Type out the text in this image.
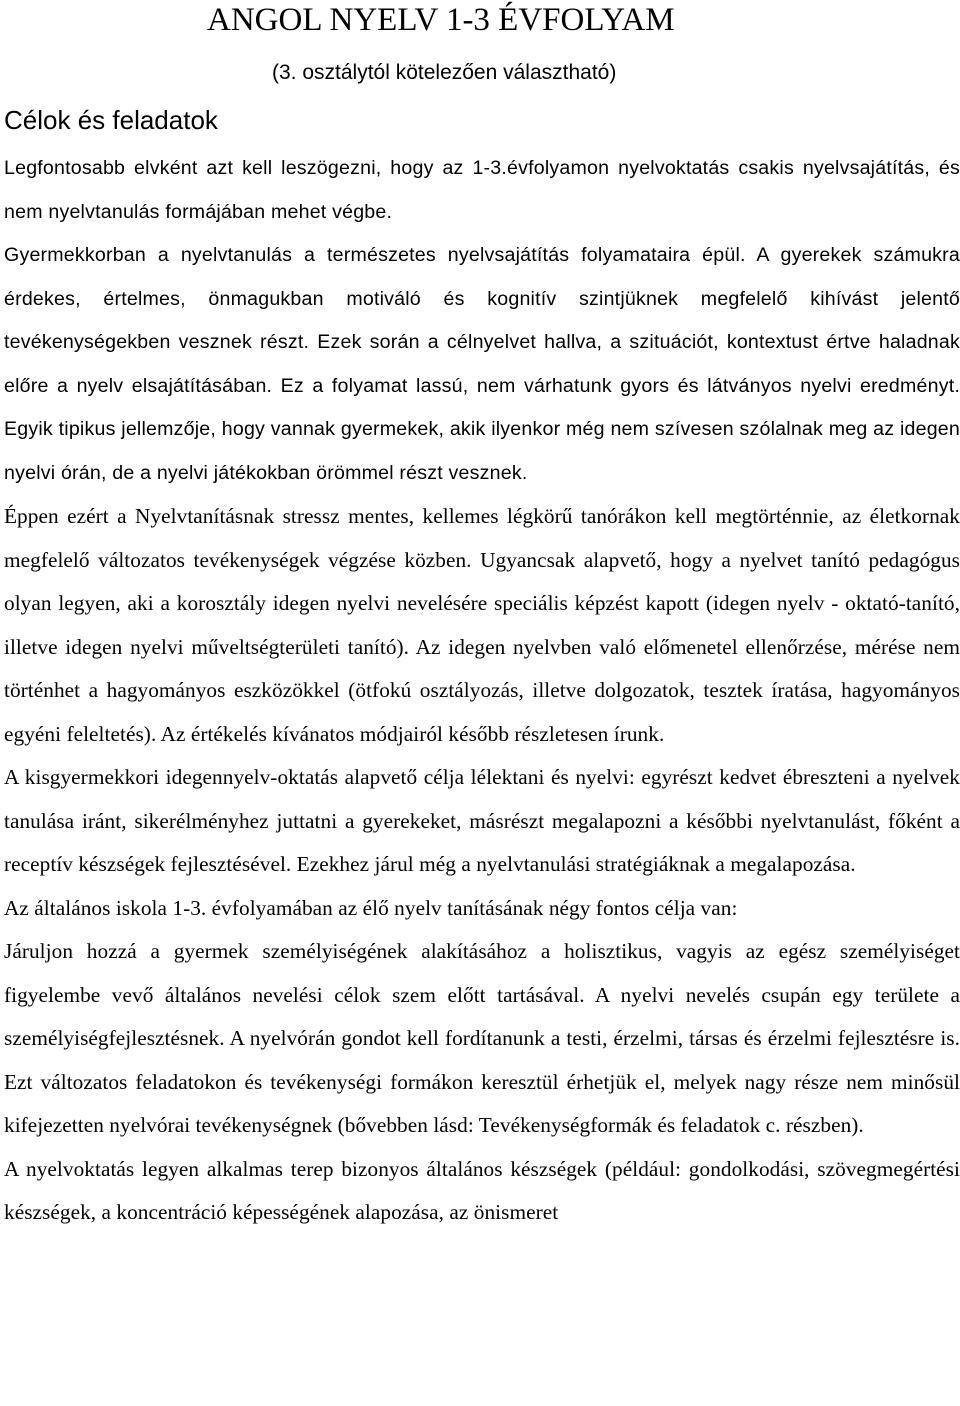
ANGOL NYELV 1-3 ÉVFOLYAM
(3. osztálytól kötelezően választható)
Célok és feladatok

Legfontosabb elvként azt kell leszögezni, hogy az 1-3.évfolyamon nyelvoktatás csakis nyelvsajátítás, és nem nyelvtanulás formájában mehet végbe.

Gyermekkorban a nyelvtanulás a természetes nyelvsajátítás folyamataira épül. A gyerekek számukra érdekes, értelmes, önmagukban motiváló és kognitív szintjüknek megfelelő kihívást jelentő tevékenységekben vesznek részt. Ezek során a célnyelvet hallva, a szituációt, kontextust értve haladnak előre a nyelv elsajátításában. Ez a folyamat lassú, nem várhatunk gyors és látványos nyelvi eredményt. Egyik tipikus jellemzője, hogy vannak gyermekek, akik ilyenkor még nem szívesen szólalnak meg az idegen nyelvi órán, de a nyelvi játékokban örömmel részt vesznek.

Éppen ezért a Nyelvtanításnak stressz mentes, kellemes légkörű tanórákon kell megtörténnie, az életkornak megfelelő változatos tevékenységek végzése közben. Ugyancsak alapvető, hogy a nyelvet tanító pedagógus olyan legyen, aki a korosztály idegen nyelvi nevelésére speciális képzést kapott (idegen nyelv - oktató-tanító, illetve idegen nyelvi műveltségterületi tanító). Az idegen nyelvben való előmenetel ellenőrzése, mérése nem történhet a hagyományos eszközökkel (ötfokú osztályozás, illetve dolgozatok, tesztek íratása, hagyományos egyéni feleltetés). Az értékelés kívánatos módjairól később részletesen írunk.

A kisgyermekkori idegennyelv-oktatás alapvető célja lélektani és nyelvi: egyrészt kedvet ébreszteni a nyelvek tanulása iránt, sikerélményhez juttatni a gyerekeket, másrészt megalapozni a későbbi nyelvtanulást, főként a receptív készségek fejlesztésével. Ezekhez járul még a nyelvtanulási stratégiáknak a megalapozása.

Az általános iskola 1-3. évfolyamában az élő nyelv tanításának négy fontos célja van:

Járuljon hozzá a gyermek személyiségének alakításához a holisztikus, vagyis az egész személyiséget figyelembe vevő általános nevelési célok szem előtt tartásával. A nyelvi nevelés csupán egy területe a személyiségfejlesztésnek. A nyelvórán gondot kell fordítanunk a testi, érzelmi, társas és érzelmi fejlesztésre is. Ezt változatos feladatokon és tevékenységi formákon keresztül érhetjük el, melyek nagy része nem minősül kifejezetten nyelvórai tevékenységnek (bővebben lásd: Tevékenységformák és feladatok c. részben).

A nyelvoktatás legyen alkalmas terep bizonyos általános készségek (például: gondolkodási, szövegmegértési készségek, a koncentráció képességének alapozása, az önismeret
